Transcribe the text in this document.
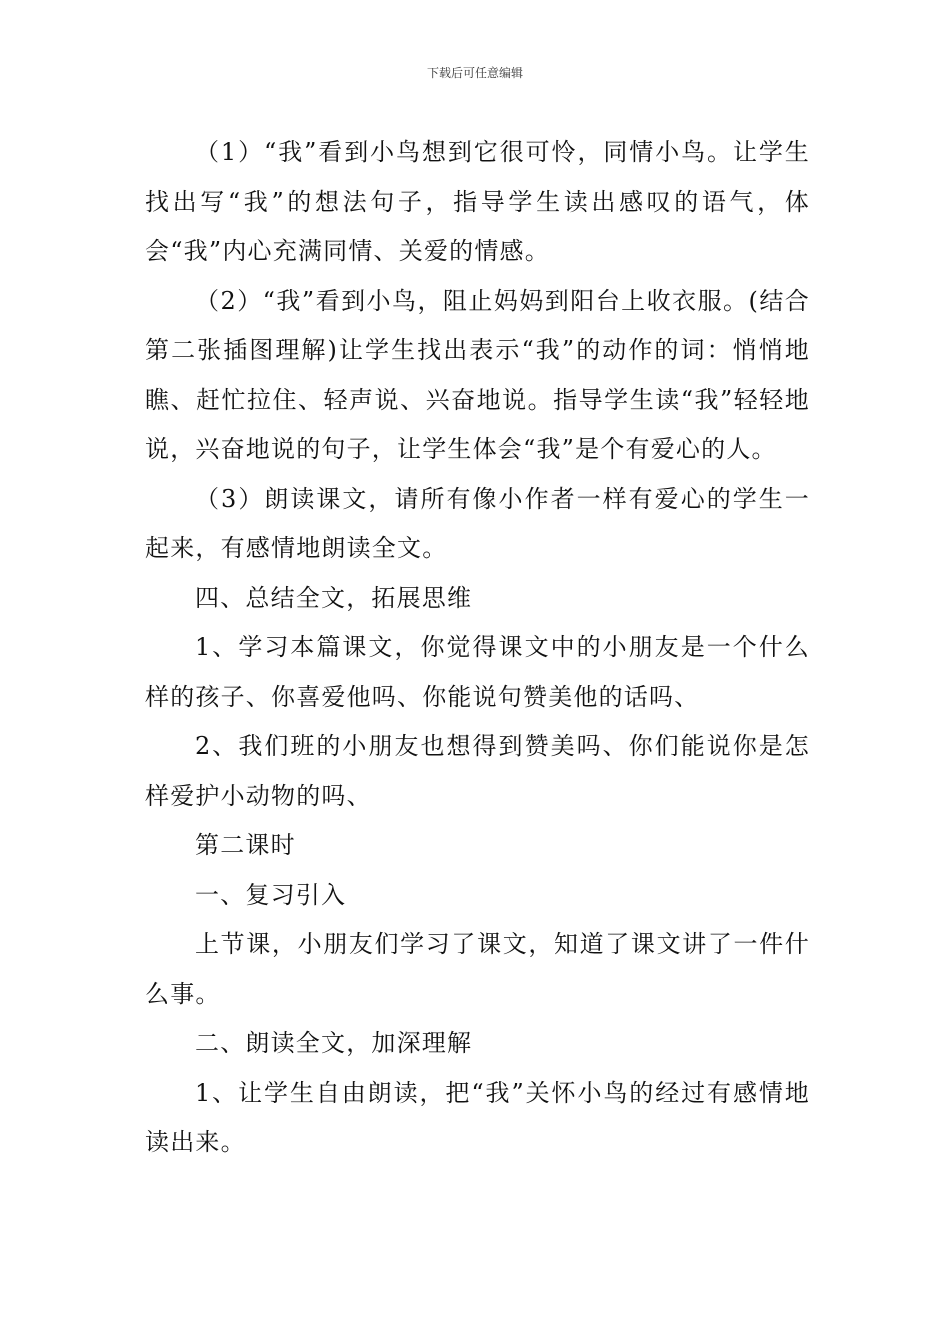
下载后可任意编辑

（1）“我”看到小鸟想到它很可怜，同情小鸟。让学生找出写“我”的想法句子，指导学生读出感叹的语气，体会“我”内心充满同情、关爱的情感。

（2）“我”看到小鸟，阻止妈妈到阳台上收衣服。(结合第二张插图理解)让学生找出表示“我”的动作的词：悄悄地瞧、赶忙拉住、轻声说、兴奋地说。指导学生读“我”轻轻地说，兴奋地说的句子，让学生体会“我”是个有爱心的人。

（3）朗读课文，请所有像小作者一样有爱心的学生一起来，有感情地朗读全文。

四、总结全文，拓展思维

1、学习本篇课文，你觉得课文中的小朋友是一个什么样的孩子、你喜爱他吗、你能说句赞美他的话吗、

2、我们班的小朋友也想得到赞美吗、你们能说你是怎样爱护小动物的吗、

第二课时

一、复习引入

上节课，小朋友们学习了课文，知道了课文讲了一件什么事。

二、朗读全文，加深理解

1、让学生自由朗读，把“我”关怀小鸟的经过有感情地读出来。
